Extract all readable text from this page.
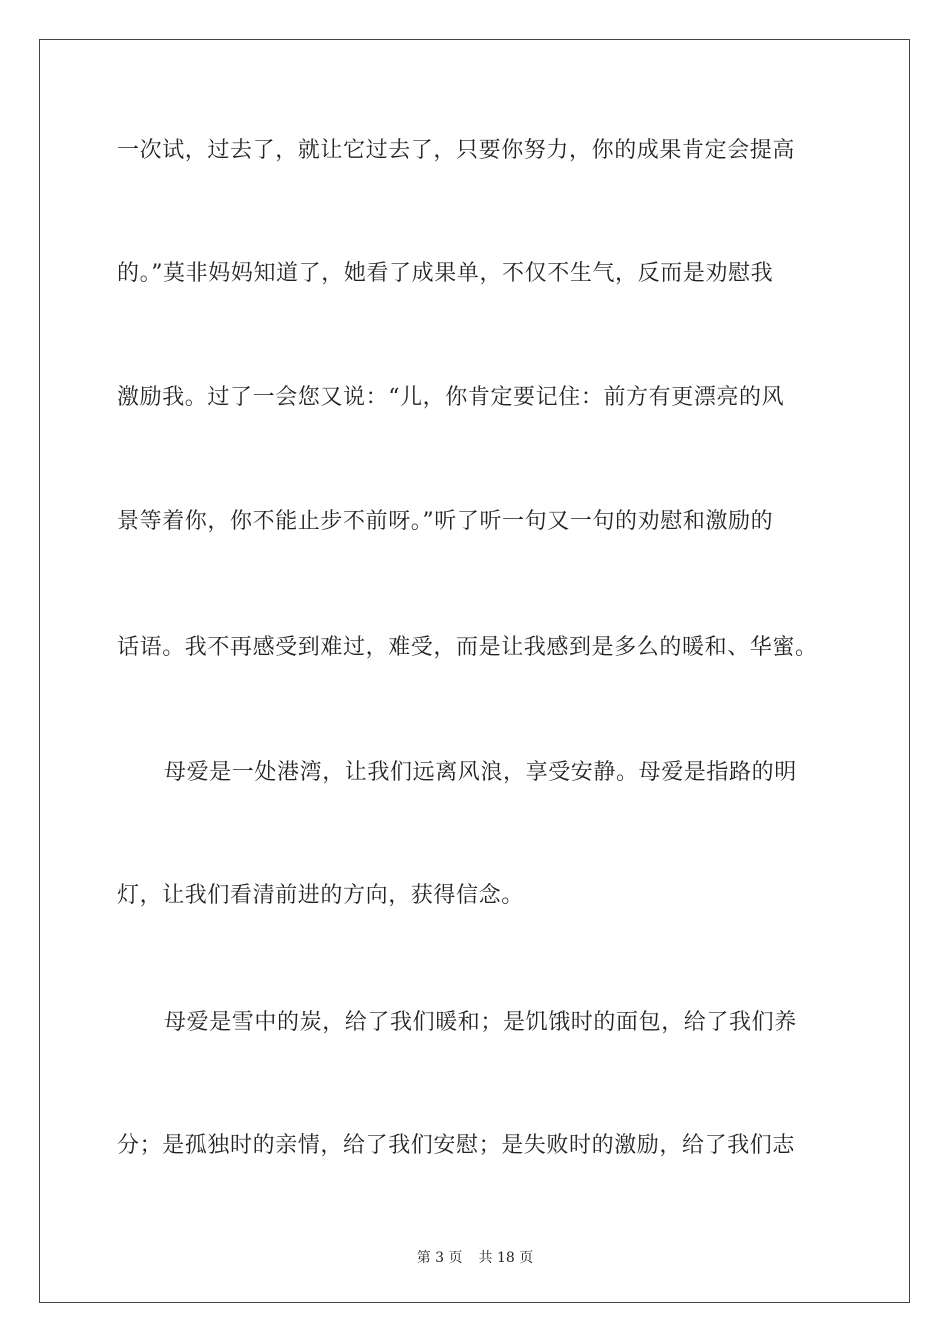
一次试，过去了，就让它过去了，只要你努力，你的成果肯定会提高
的。”莫非妈妈知道了，她看了成果单，不仅不生气，反而是劝慰我
激励我。过了一会您又说：“儿，你肯定要记住：前方有更漂亮的风
景等着你，你不能止步不前呀。”听了听一句又一句的劝慰和激励的
话语。我不再感受到难过，难受，而是让我感到是多么的暖和、华蜜。
母爱是一处港湾，让我们远离风浪，享受安静。母爱是指路的明
灯，让我们看清前进的方向，获得信念。
母爱是雪中的炭，给了我们暖和；是饥饿时的面包，给了我们养
分；是孤独时的亲情，给了我们安慰；是失败时的激励，给了我们志
第 3 页 共 18 页
